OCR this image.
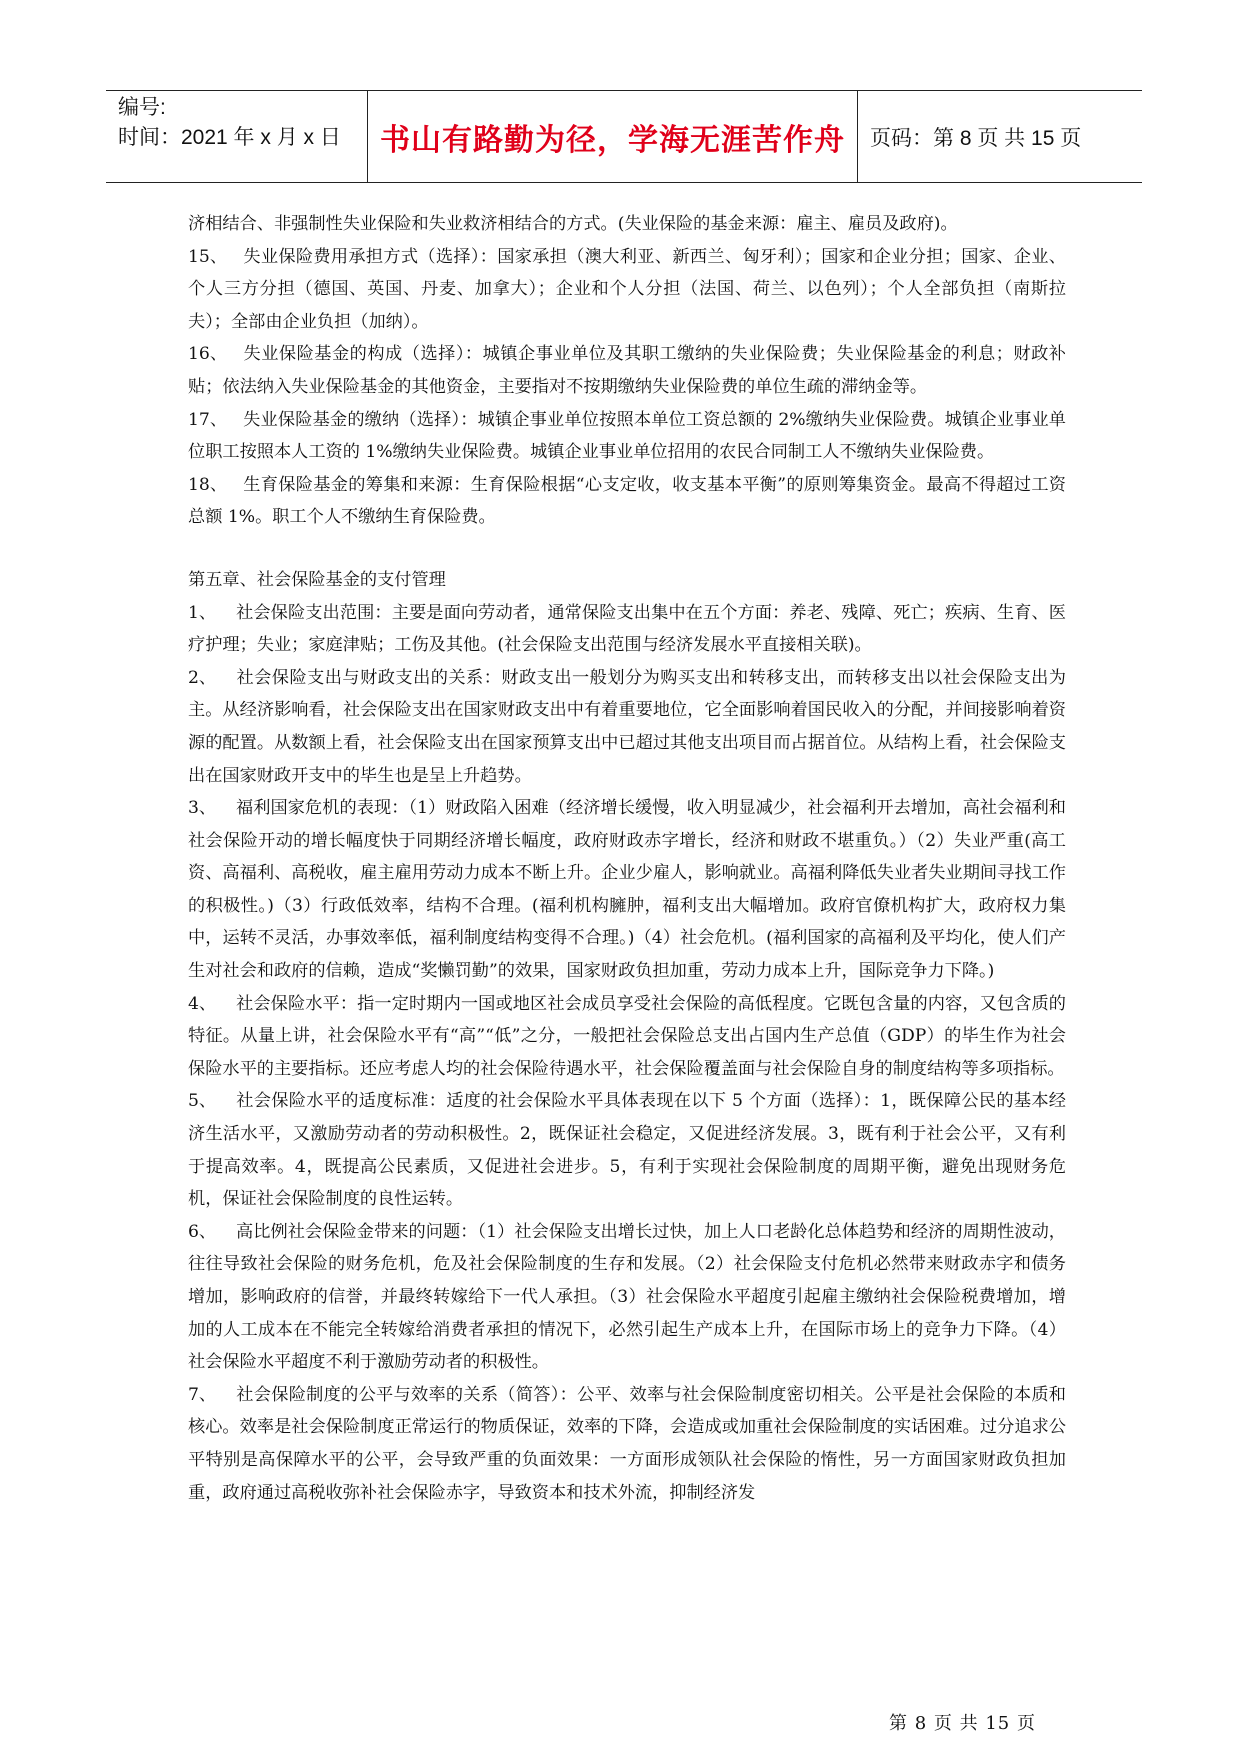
编号:
时间：2021 年 x 月 x 日	书山有路勤为径，学海无涯苦作舟	页码：第 8 页 共 15 页

济相结合、非强制性失业保险和失业救济相结合的方式。(失业保险的基金来源：雇主、雇员及政府)。

15、 失业保险费用承担方式（选择）：国家承担（澳大利亚、新西兰、匈牙利）；国家和企业分担；国家、企业、个人三方分担（德国、英国、丹麦、加拿大）；企业和个人分担（法国、荷兰、以色列）；个人全部负担（南斯拉夫）；全部由企业负担（加纳）。

16、 失业保险基金的构成（选择）：城镇企事业单位及其职工缴纳的失业保险费；失业保险基金的利息；财政补贴；依法纳入失业保险基金的其他资金，主要指对不按期缴纳失业保险费的单位生疏的滞纳金等。

17、 失业保险基金的缴纳（选择）：城镇企事业单位按照本单位工资总额的 2%缴纳失业保险费。城镇企业事业单位职工按照本人工资的 1%缴纳失业保险费。城镇企业事业单位招用的农民合同制工人不缴纳失业保险费。

18、 生育保险基金的筹集和来源：生育保险根据“心支定收，收支基本平衡”的原则筹集资金。最高不得超过工资总额 1%。职工个人不缴纳生育保险费。

第五章、社会保险基金的支付管理

1、 社会保险支出范围：主要是面向劳动者，通常保险支出集中在五个方面：养老、残障、死亡；疾病、生育、医疗护理；失业；家庭津贴；工伤及其他。(社会保险支出范围与经济发展水平直接相关联)。

2、 社会保险支出与财政支出的关系：财政支出一般划分为购买支出和转移支出，而转移支出以社会保险支出为主。从经济影响看，社会保险支出在国家财政支出中有着重要地位，它全面影响着国民收入的分配，并间接影响着资源的配置。从数额上看，社会保险支出在国家预算支出中已超过其他支出项目而占据首位。从结构上看，社会保险支出在国家财政开支中的毕生也是呈上升趋势。

3、 福利国家危机的表现：（1）财政陷入困难（经济增长缓慢，收入明显减少，社会福利开去增加，高社会福利和社会保险开动的增长幅度快于同期经济增长幅度，政府财政赤字增长，经济和财政不堪重负。）（2）失业严重(高工资、高福利、高税收，雇主雇用劳动力成本不断上升。企业少雇人，影响就业。高福利降低失业者失业期间寻找工作的积极性。)（3）行政低效率，结构不合理。(福利机构臃肿，福利支出大幅增加。政府官僚机构扩大，政府权力集中，运转不灵活，办事效率低，福利制度结构变得不合理。)（4）社会危机。(福利国家的高福利及平均化，使人们产生对社会和政府的信赖，造成“奖懒罚勤”的效果，国家财政负担加重，劳动力成本上升，国际竞争力下降。)

4、 社会保险水平：指一定时期内一国或地区社会成员享受社会保险的高低程度。它既包含量的内容，又包含质的特征。从量上讲，社会保险水平有“高”“低”之分，一般把社会保险总支出占国内生产总值（GDP）的毕生作为社会保险水平的主要指标。还应考虑人均的社会保险待遇水平，社会保险覆盖面与社会保险自身的制度结构等多项指标。

5、 社会保险水平的适度标准：适度的社会保险水平具体表现在以下 5 个方面（选择）：1，既保障公民的基本经济生活水平，又激励劳动者的劳动积极性。2，既保证社会稳定，又促进经济发展。3，既有利于社会公平，又有利于提高效率。4，既提高公民素质，又促进社会进步。5，有利于实现社会保险制度的周期平衡，避免出现财务危机，保证社会保险制度的良性运转。

6、 高比例社会保险金带来的问题：（1）社会保险支出增长过快，加上人口老龄化总体趋势和经济的周期性波动，往往导致社会保险的财务危机，危及社会保险制度的生存和发展。（2）社会保险支付危机必然带来财政赤字和债务增加，影响政府的信誉，并最终转嫁给下一代人承担。（3）社会保险水平超度引起雇主缴纳社会保险税费增加，增加的人工成本在不能完全转嫁给消费者承担的情况下，必然引起生产成本上升，在国际市场上的竞争力下降。（4）社会保险水平超度不利于激励劳动者的积极性。

7、 社会保险制度的公平与效率的关系（简答）：公平、效率与社会保险制度密切相关。公平是社会保险的本质和核心。效率是社会保险制度正常运行的物质保证，效率的下降，会造成或加重社会保险制度的实话困难。过分追求公平特别是高保障水平的公平，会导致严重的负面效果：一方面形成领队社会保险的惰性，另一方面国家财政负担加重，政府通过高税收弥补社会保险赤字，导致资本和技术外流，抑制经济发

第 8 页 共 15 页
